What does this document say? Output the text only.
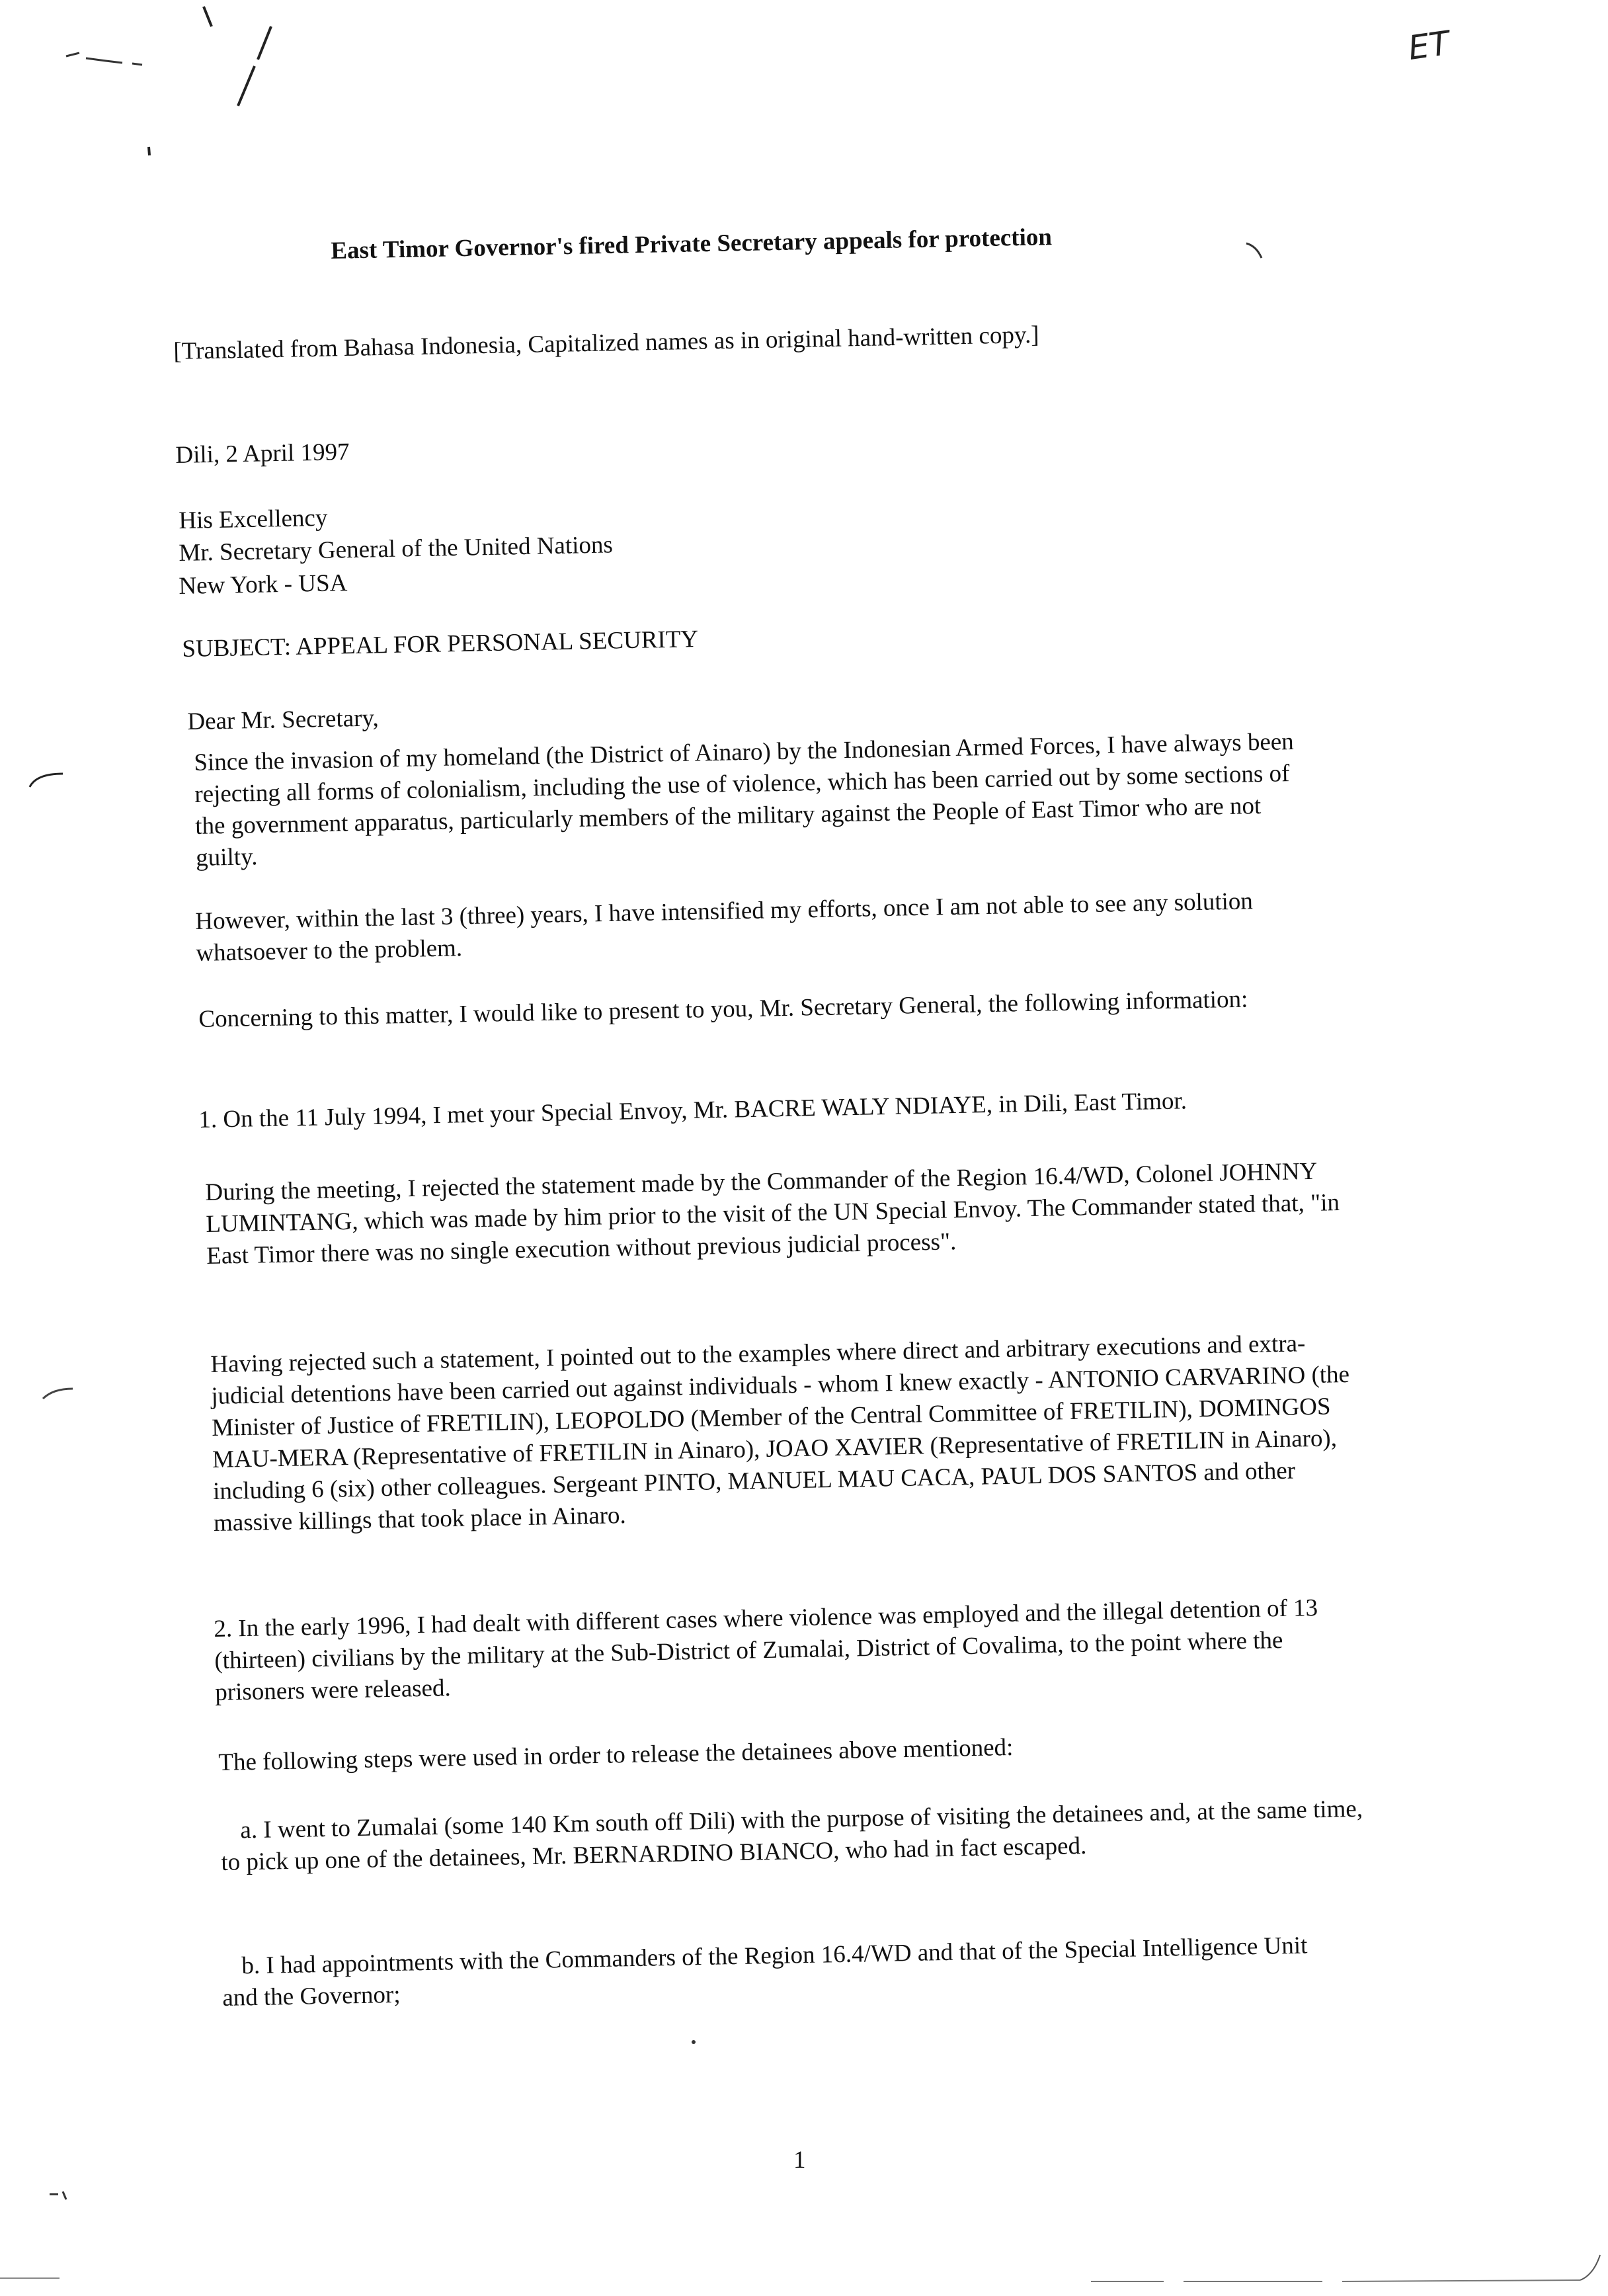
ET
East Timor Governor's fired Private Secretary appeals for protection
[Translated from Bahasa Indonesia, Capitalized names as in original hand-written copy.]
Dili, 2 April 1997
His Excellency
Mr. Secretary General of the United Nations
New York - USA
SUBJECT: APPEAL FOR PERSONAL SECURITY
Dear Mr. Secretary,
Since the invasion of my homeland (the District of Ainaro) by the Indonesian Armed Forces, I have always been rejecting all forms of colonialism, including the use of violence, which has been carried out by some sections of the government apparatus, particularly members of the military against the People of East Timor who are not guilty.
However, within the last 3 (three) years, I have intensified my efforts, once I am not able to see any solution whatsoever to the problem.
Concerning to this matter, I would like to present to you, Mr. Secretary General, the following information:
1. On the 11 July 1994, I met your Special Envoy, Mr. BACRE WALY NDIAYE, in Dili, East Timor.
During the meeting, I rejected the statement made by the Commander of the Region 16.4/WD, Colonel JOHNNY LUMINTANG, which was made by him prior to the visit of the UN Special Envoy. The Commander stated that, "in East Timor there was no single execution without previous judicial process".
Having rejected such a statement, I pointed out to the examples where direct and arbitrary executions and extra-judicial detentions have been carried out against individuals - whom I knew exactly - ANTONIO CARVARINO (the Minister of Justice of FRETILIN), LEOPOLDO (Member of the Central Committee of FRETILIN), DOMINGOS MAU-MERA (Representative of FRETILIN in Ainaro), JOAO XAVIER (Representative of FRETILIN in Ainaro), including 6 (six) other colleagues. Sergeant PINTO, MANUEL MAU CACA, PAUL DOS SANTOS and other massive killings that took place in Ainaro.
2. In the early 1996, I had dealt with different cases where violence was employed and the illegal detention of 13 (thirteen) civilians by the military at the Sub-District of Zumalai, District of Covalima, to the point where the prisoners were released.
The following steps were used in order to release the detainees above mentioned:
a. I went to Zumalai (some 140 Km south off Dili) with the purpose of visiting the detainees and, at the same time, to pick up one of the detainees, Mr. BERNARDINO BIANCO, who had in fact escaped.
b. I had appointments with the Commanders of the Region 16.4/WD and that of the Special Intelligence Unit and the Governor;
1
